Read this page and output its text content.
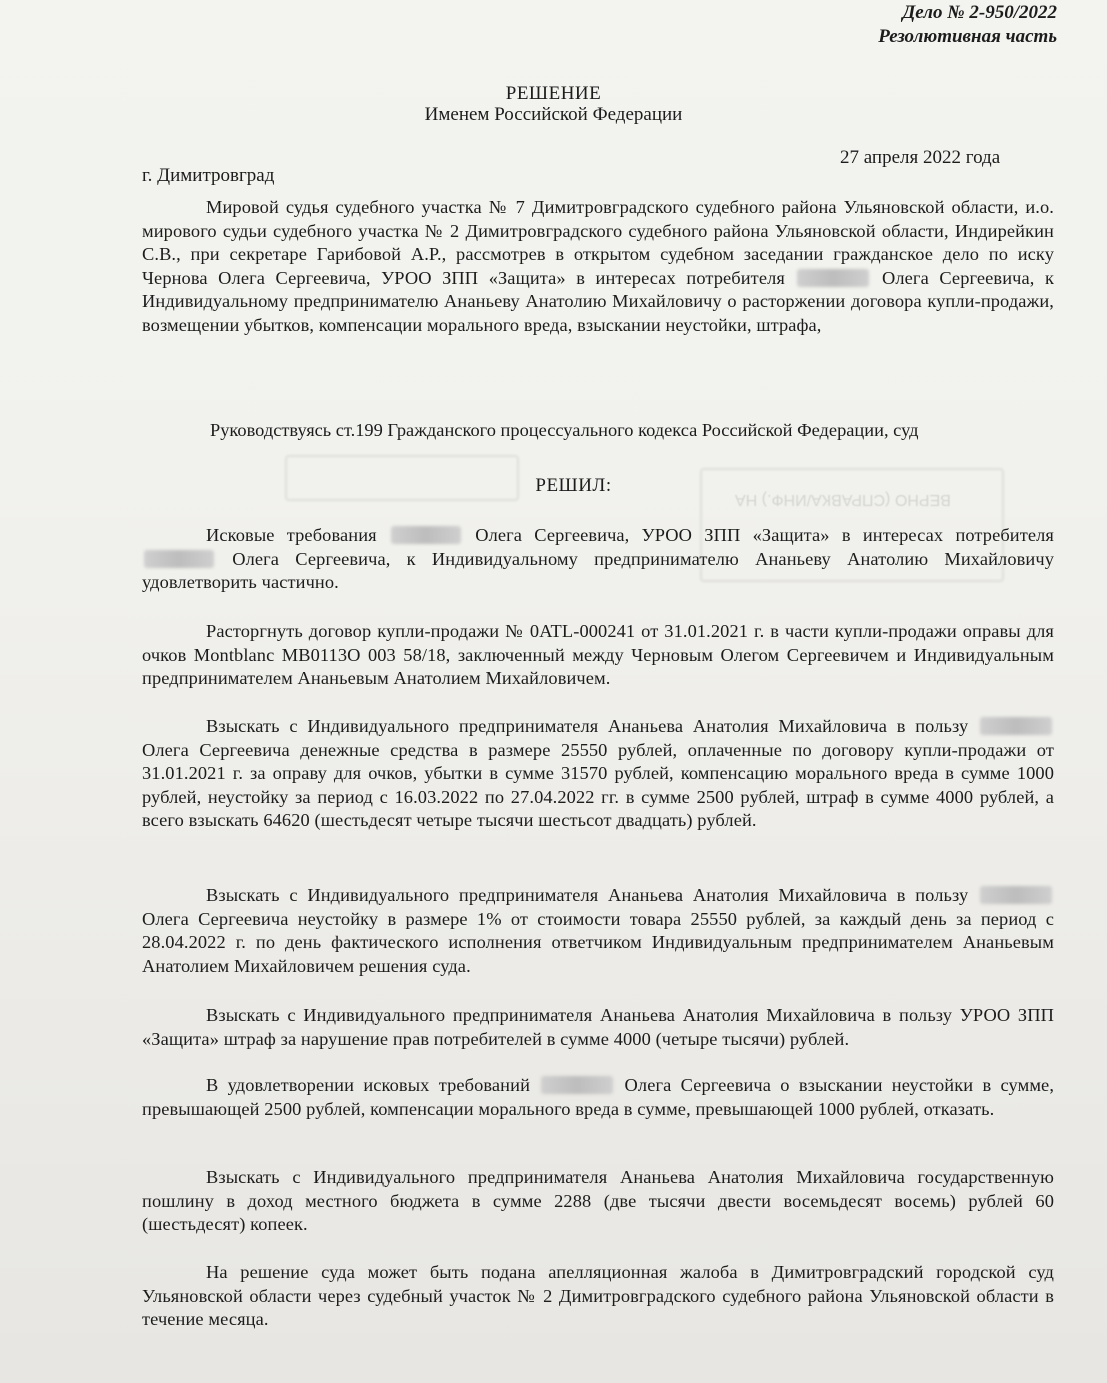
ВЕРНО (СПРАВКА/ИНФ.) НА
Дело № 2-950/2022
Резолютивная часть
РЕШЕНИЕ
Именем Российской Федерации
27 апреля 2022 года
г. Димитровград
Мировой судья судебного участка № 7 Димитровградского судебного района Ульяновской области, и.о. мирового судьи судебного участка № 2 Димитровградского судебного района Ульяновской области, Индирейкин С.В., при секретаре Гарибовой А.Р., рассмотрев в открытом судебном заседании гражданское дело по иску Чернова Олега Сергеевича, УРОО ЗПП «Защита» в интересах потребителя	Олега Сергеевича, к Индивидуальному предпринимателю Ананьеву Анатолию Михайловичу о расторжении договора купли-продажи, возмещении убытков, компенсации морального вреда, взыскании неустойки, штрафа,
Руководствуясь ст.199 Гражданского процессуального кодекса Российской Федерации, суд
РЕШИЛ:
Исковые требования	Олега Сергеевича, УРОО ЗПП «Защита» в интересах потребителя  Олега Сергеевича, к Индивидуальному предпринимателю Ананьеву Анатолию Михайловичу удовлетворить частично.
Расторгнуть договор купли-продажи № 0ATL-000241 от 31.01.2021 г. в части купли-продажи оправы для очков Montblanc MB0113O 003 58/18, заключенный между Черновым Олегом Сергеевичем и Индивидуальным предпринимателем Ананьевым Анатолием Михайловичем.
Взыскать с Индивидуального предпринимателя Ананьева Анатолия Михайловича в пользу  Олега Сергеевича денежные средства в размере 25550 рублей, оплаченные по договору купли-продажи от 31.01.2021 г. за оправу для очков, убытки в сумме 31570 рублей, компенсацию морального вреда в сумме 1000 рублей, неустойку за период с 16.03.2022 по 27.04.2022 гг. в сумме 2500 рублей, штраф в сумме 4000 рублей, а всего взыскать 64620 (шестьдесят четыре тысячи шестьсот двадцать) рублей.
Взыскать с Индивидуального предпринимателя Ананьева Анатолия Михайловича в пользу  Олега Сергеевича неустойку в размере 1% от стоимости товара 25550 рублей, за каждый день за период с 28.04.2022 г. по день фактического исполнения ответчиком Индивидуальным предпринимателем Ананьевым Анатолием Михайловичем решения суда.
Взыскать с Индивидуального предпринимателя Ананьева Анатолия Михайловича в пользу УРОО ЗПП «Защита» штраф за нарушение прав потребителей в сумме 4000 (четыре тысячи) рублей.
В удовлетворении исковых требований	Олега Сергеевича о взыскании неустойки в сумме, превышающей 2500 рублей, компенсации морального вреда в сумме, превышающей 1000 рублей, отказать.
Взыскать с Индивидуального предпринимателя Ананьева Анатолия Михайловича государственную пошлину в доход местного бюджета в сумме 2288 (две тысячи двести восемьдесят восемь) рублей 60 (шестьдесят) копеек.
На решение суда может быть подана апелляционная жалоба в Димитровградский городской суд Ульяновской области через судебный участок № 2 Димитровградского судебного района Ульяновской области в течение месяца.
